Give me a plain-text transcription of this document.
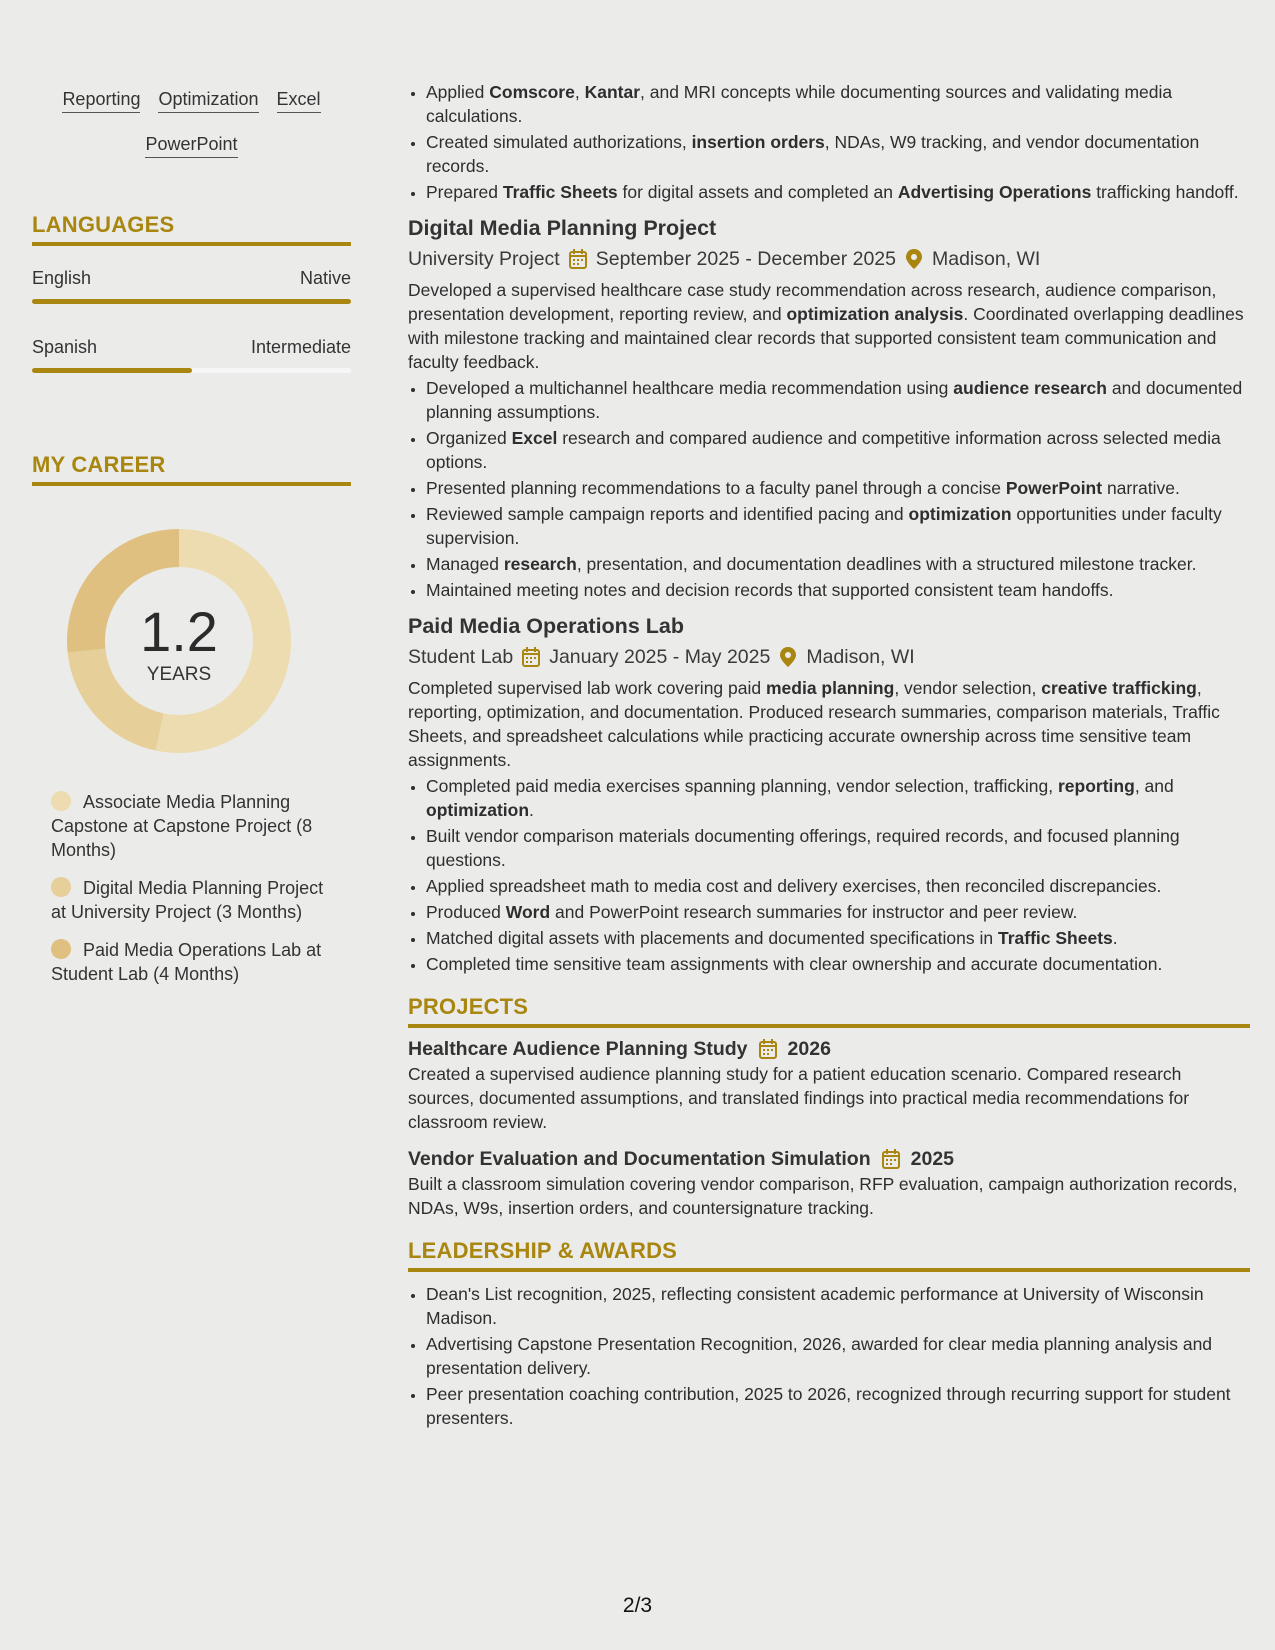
Reporting Optimization Excel
PowerPoint
LANGUAGES
English	Native
Spanish	Intermediate
MY CAREER
1.2
YEARS
Associate Media Planning Capstone at Capstone Project (8 Months)
Digital Media Planning Project at University Project (3 Months)
Paid Media Operations Lab at Student Lab (4 Months)
• Applied Comscore, Kantar, and MRI concepts while documenting sources and validating media calculations.
• Created simulated authorizations, insertion orders, NDAs, W9 tracking, and vendor documentation records.
• Prepared Traffic Sheets for digital assets and completed an Advertising Operations trafficking handoff.
Digital Media Planning Project
University Project September 2025 - December 2025 Madison, WI

Developed a supervised healthcare case study recommendation across research, audience comparison, presentation development, reporting review, and optimization analysis. Coordinated overlapping deadlines with milestone tracking and maintained clear records that supported consistent team communication and faculty feedback.

• Developed a multichannel healthcare media recommendation using audience research and documented planning assumptions.
• Organized Excel research and compared audience and competitive information across selected media options.
• Presented planning recommendations to a faculty panel through a concise PowerPoint narrative.
• Reviewed sample campaign reports and identified pacing and optimization opportunities under faculty supervision.
• Managed research, presentation, and documentation deadlines with a structured milestone tracker.
• Maintained meeting notes and decision records that supported consistent team handoffs.
Paid Media Operations Lab
Student Lab January 2025 - May 2025 Madison, WI

Completed supervised lab work covering paid media planning, vendor selection, creative trafficking, reporting, optimization, and documentation. Produced research summaries, comparison materials, Traffic Sheets, and spreadsheet calculations while practicing accurate ownership across time sensitive team assignments.

• Completed paid media exercises spanning planning, vendor selection, trafficking, reporting, and optimization.
• Built vendor comparison materials documenting offerings, required records, and focused planning questions.
• Applied spreadsheet math to media cost and delivery exercises, then reconciled discrepancies.
• Produced Word and PowerPoint research summaries for instructor and peer review.
• Matched digital assets with placements and documented specifications in Traffic Sheets.
• Completed time sensitive team assignments with clear ownership and accurate documentation.
PROJECTS
Healthcare Audience Planning Study 2026

Created a supervised audience planning study for a patient education scenario. Compared research sources, documented assumptions, and translated findings into practical media recommendations for classroom review.

Vendor Evaluation and Documentation Simulation 2025

Built a classroom simulation covering vendor comparison, RFP evaluation, campaign authorization records, NDAs, W9s, insertion orders, and countersignature tracking.

LEADERSHIP & AWARDS
• Dean's List recognition, 2025, reflecting consistent academic performance at University of Wisconsin Madison.
• Advertising Capstone Presentation Recognition, 2026, awarded for clear media planning analysis and presentation delivery.
• Peer presentation coaching contribution, 2025 to 2026, recognized through recurring support for student presenters.
2/3
